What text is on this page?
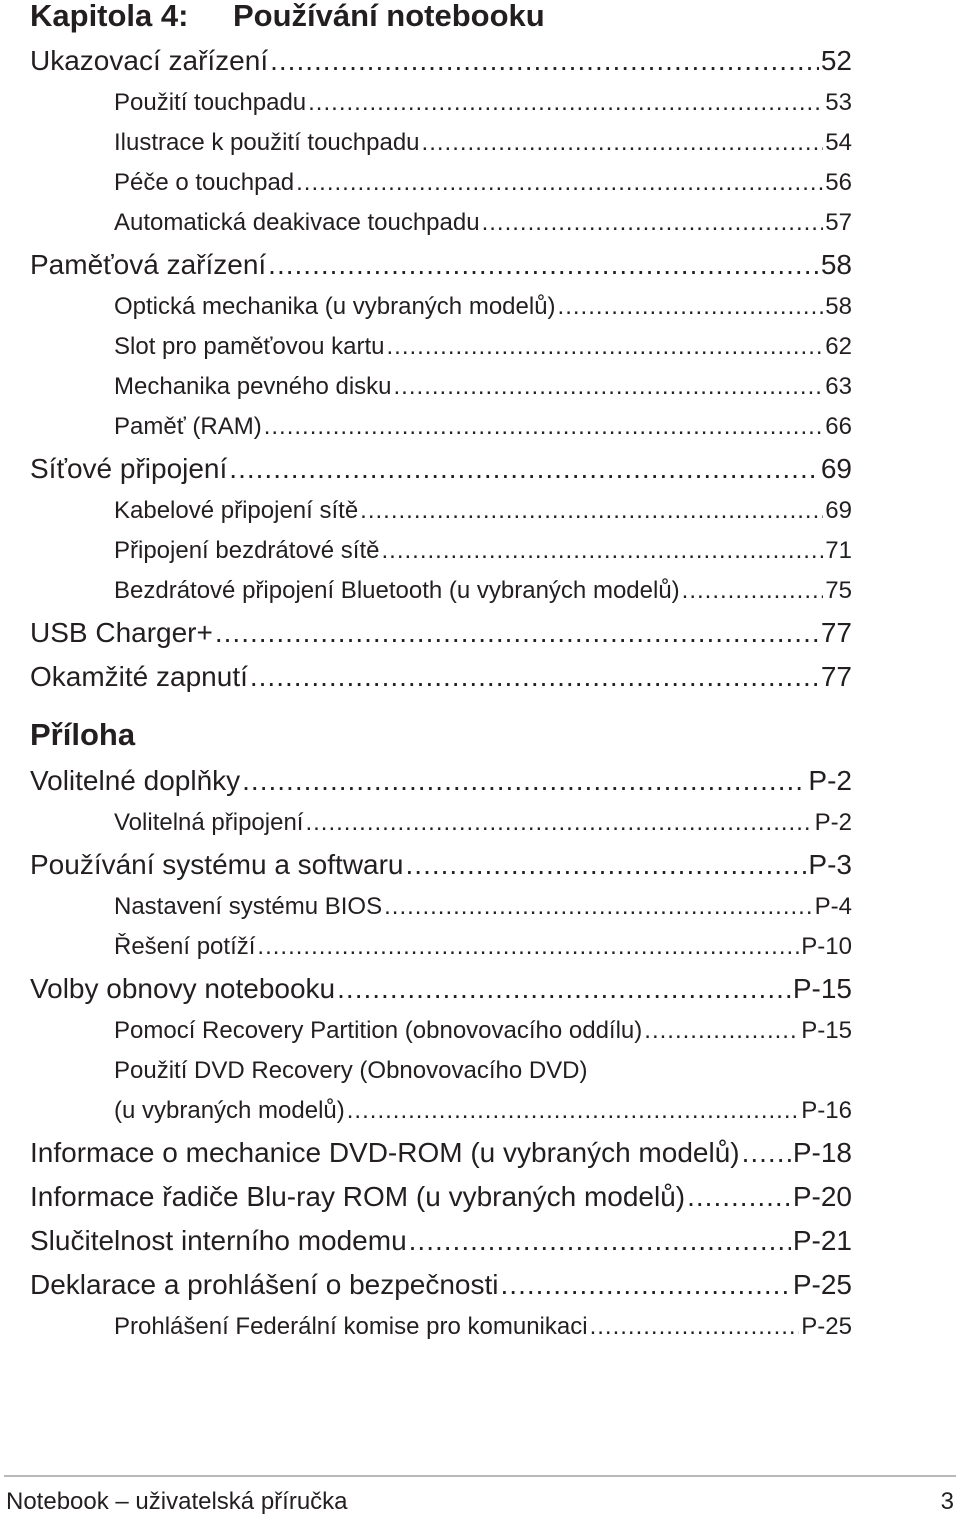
Kapitola 4: Používání notebooku
Ukazovací zařízení .....	52
Použití touchpadu .....	53
Ilustrace k použití touchpadu .....	54
Péče o touchpad .....	56
Automatická deakivace touchpadu .....	57
Paměťová zařízení .....	58
Optická mechanika (u vybraných modelů) .....	58
Slot pro paměťovou kartu .....	62
Mechanika pevného disku .....	63
Paměť (RAM) .....	66
Síťové připojení .....	69
Kabelové připojení sítě .....	69
Připojení bezdrátové sítě .....	71
Bezdrátové připojení Bluetooth (u vybraných modelů) .....	75
USB Charger+ .....	77
Okamžité zapnutí .....	77
Příloha
Volitelné doplňky .....	P-2
Volitelná připojení .....	P-2
Používání systému a softwaru .....	P-3
Nastavení systému BIOS .....	P-4
Řešení potíží .....	P-10
Volby obnovy notebooku .....	P-15
Pomocí Recovery Partition (obnovovacího oddílu) .....	P-15
Použití DVD Recovery (Obnovovacího DVD)
(u vybraných modelů) .....	P-16
Informace o mechanice DVD-ROM (u vybraných modelů) ..... P-18
Informace řadiče Blu-ray ROM (u vybraných modelů) .....	P-20
Slučitelnost interního modemu .....	P-21
Deklarace a prohlášení o bezpečnosti .....	P-25
Prohlášení Federální komise pro komunikaci .....	P-25
Notebook – uživatelská příručka	3
